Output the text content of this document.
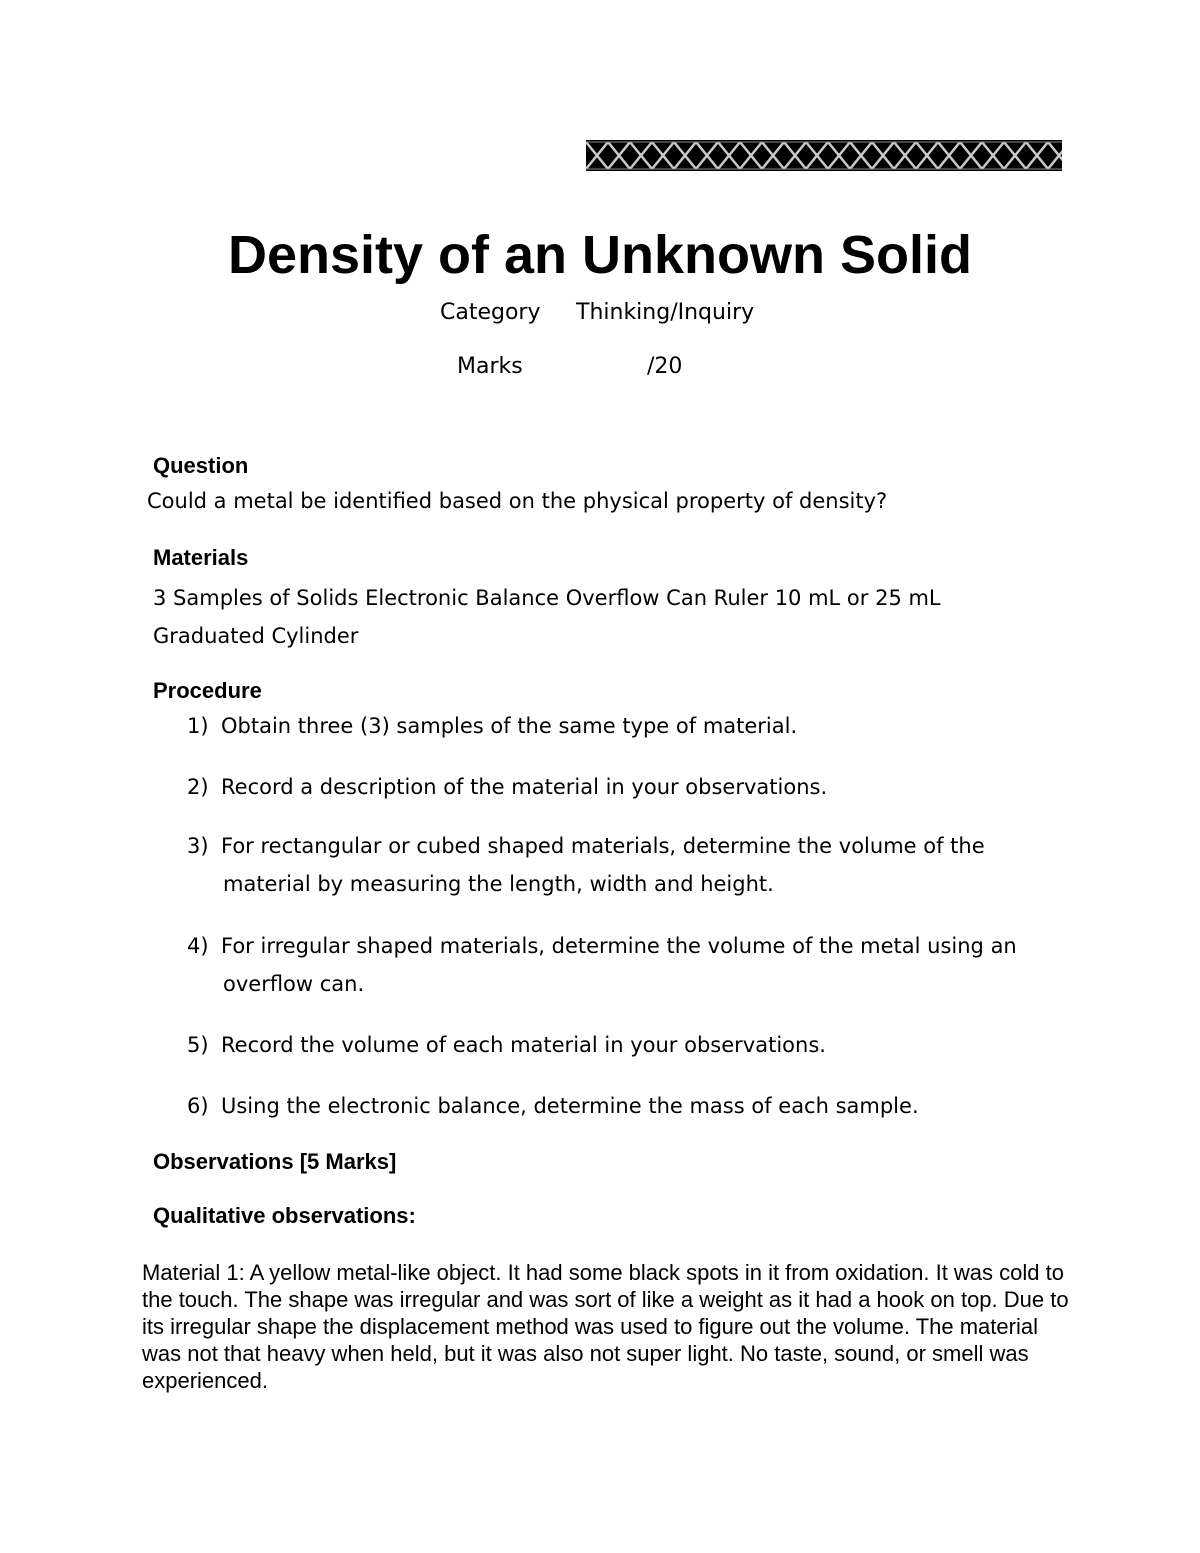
Density of an Unknown Solid
Category Thinking/Inquiry
Marks	/20
Question
Could a metal be identified based on the physical property of density?
Materials
3 Samples of Solids Electronic Balance Overflow Can Ruler 10 mL or 25 mL Graduated Cylinder
Procedure
1) Obtain three (3) samples of the same type of material.
2) Record a description of the material in your observations.
3) For rectangular or cubed shaped materials, determine the volume of the
material by measuring the length, width and height.
4) For irregular shaped materials, determine the volume of the metal using an
overflow can.
5) Record the volume of each material in your observations.
6) Using the electronic balance, determine the mass of each sample.
Observations [5 Marks]
Qualitative observations:
Material 1: A yellow metal-like object. It had some black spots in it from oxidation. It was cold to the touch. The shape was irregular and was sort of like a weight as it had a hook on top. Due to its irregular shape the displacement method was used to figure out the volume. The material was not that heavy when held, but it was also not super light. No taste, sound, or smell was experienced.
